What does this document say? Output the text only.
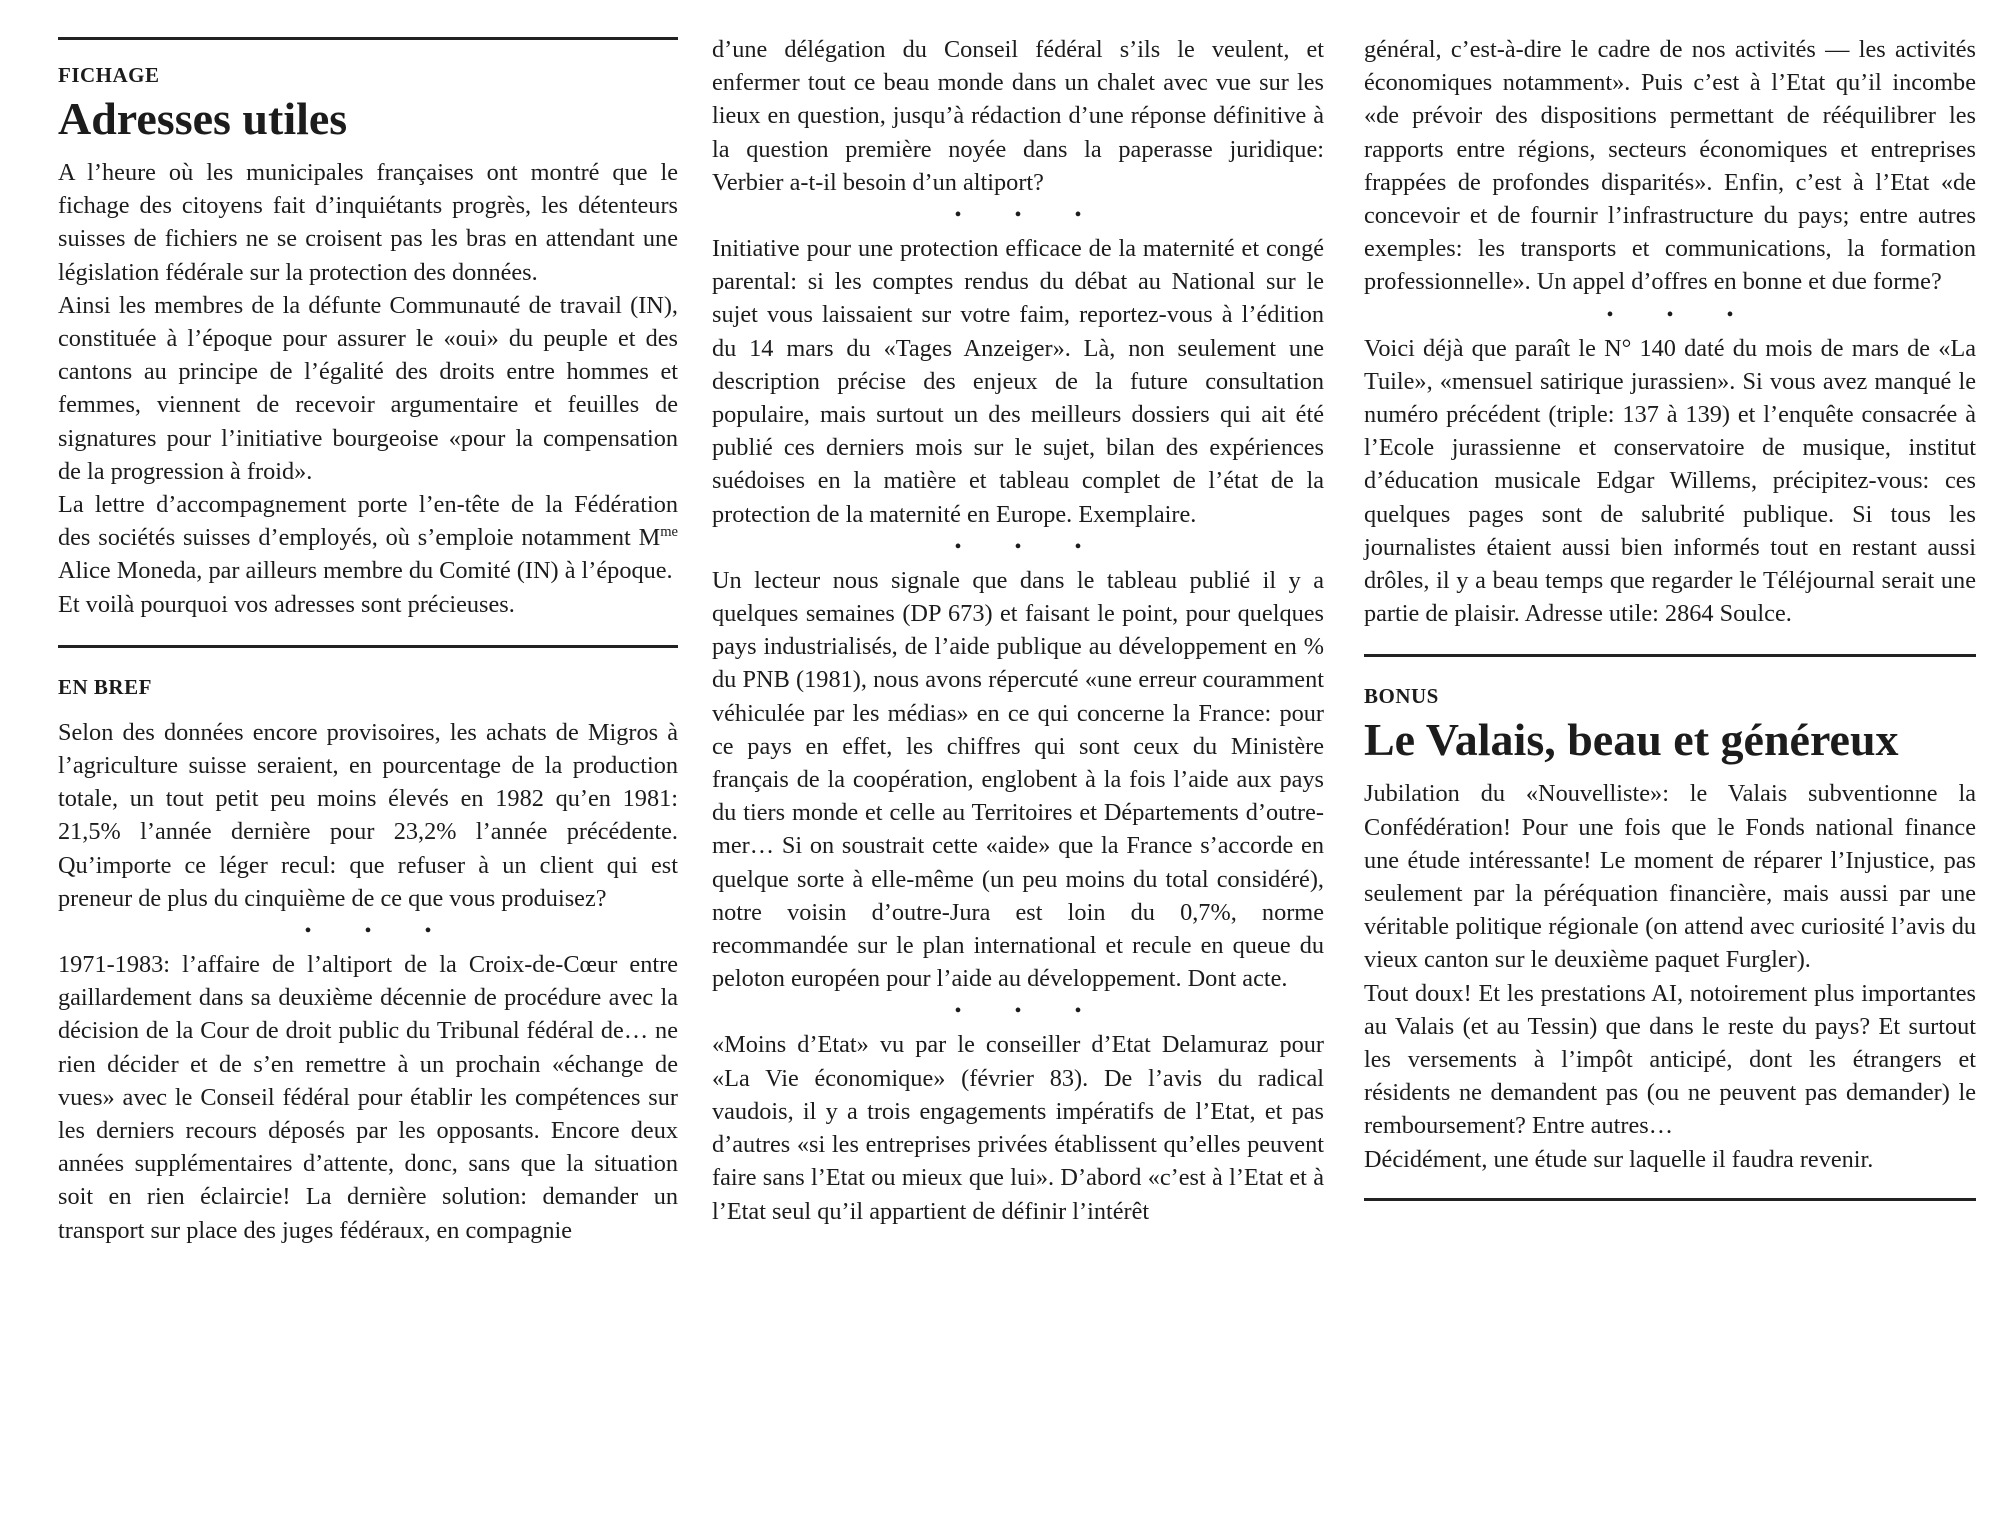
FICHAGE
Adresses utiles

A l’heure où les municipales françaises ont montré que le fichage des citoyens fait d’inquiétants progrès, les détenteurs suisses de fichiers ne se croisent pas les bras en attendant une législation fédérale sur la protection des données.

Ainsi les membres de la défunte Communauté de travail (IN), constituée à l’époque pour assurer le «oui» du peuple et des cantons au principe de l’égalité des droits entre hommes et femmes, viennent de recevoir argumentaire et feuilles de signatures pour l’initiative bourgeoise «pour la compensation de la progression à froid».

La lettre d’accompagnement porte l’en-tête de la Fédération des sociétés suisses d’employés, où s’emploie notamment $M^{me}$ Alice Moneda, par ailleurs membre du Comité (IN) à l’époque.

Et voilà pourquoi vos adresses sont précieuses.

EN BREF

Selon des données encore provisoires, les achats de Migros à l’agriculture suisse seraient, en pourcentage de la production totale, un tout petit peu moins élevés en 1982 qu’en 1981: 21,5% l’année dernière pour 23,2% l’année précédente. Qu’importe ce léger recul: que refuser à un client qui est preneur de plus du cinquième de ce que vous produisez?

• • •

1971-1983: l’affaire de l’altiport de la Croix-de-Cœur entre gaillardement dans sa deuxième décennie de procédure avec la décision de la Cour de droit public du Tribunal fédéral de… ne rien décider et de s’en remettre à un prochain «échange de vues» avec le Conseil fédéral pour établir les compétences sur les derniers recours déposés par les opposants. Encore deux années supplémentaires d’attente, donc, sans que la situation soit en rien éclaircie! La dernière solution: demander un transport sur place des juges fédéraux, en compagnie

d’une délégation du Conseil fédéral s’ils le veulent, et enfermer tout ce beau monde dans un chalet avec vue sur les lieux en question, jusqu’à rédaction d’une réponse définitive à la question première noyée dans la paperasse juridique: Verbier a-t-il besoin d’un altiport?

• • •

Initiative pour une protection efficace de la maternité et congé parental: si les comptes rendus du débat au National sur le sujet vous laissaient sur votre faim, reportez-vous à l’édition du 14 mars du «Tages Anzeiger». Là, non seulement une description précise des enjeux de la future consultation populaire, mais surtout un des meilleurs dossiers qui ait été publié ces derniers mois sur le sujet, bilan des expériences suédoises en la matière et tableau complet de l’état de la protection de la maternité en Europe. Exemplaire.

• • •

Un lecteur nous signale que dans le tableau publié il y a quelques semaines (DP 673) et faisant le point, pour quelques pays industrialisés, de l’aide publique au développement en % du PNB (1981), nous avons répercuté «une erreur couramment véhiculée par les médias» en ce qui concerne la France: pour ce pays en effet, les chiffres qui sont ceux du Ministère français de la coopération, englobent à la fois l’aide aux pays du tiers monde et celle au Territoires et Départements d’outre-mer… Si on soustrait cette «aide» que la France s’accorde en quelque sorte à elle-même (un peu moins du total considéré), notre voisin d’outre-Jura est loin du 0,7%, norme recommandée sur le plan international et recule en queue du peloton européen pour l’aide au développement. Dont acte.

• • •

«Moins d’Etat» vu par le conseiller d’Etat Delamuraz pour «La Vie économique» (février 83). De l’avis du radical vaudois, il y a trois engagements impératifs de l’Etat, et pas d’autres «si les entreprises privées établissent qu’elles peuvent faire sans l’Etat ou mieux que lui». D’abord «c’est à l’Etat et à l’Etat seul qu’il appartient de définir l’intérêt

général, c’est-à-dire le cadre de nos activités — les activités économiques notamment». Puis c’est à l’Etat qu’il incombe «de prévoir des dispositions permettant de rééquilibrer les rapports entre régions, secteurs économiques et entreprises frappées de profondes disparités». Enfin, c’est à l’Etat «de concevoir et de fournir l’infrastructure du pays; entre autres exemples: les transports et communications, la formation professionnelle». Un appel d’offres en bonne et due forme?

• • •

Voici déjà que paraît le N° 140 daté du mois de mars de «La Tuile», «mensuel satirique jurassien». Si vous avez manqué le numéro précédent (triple: 137 à 139) et l’enquête consacrée à l’Ecole jurassienne et conservatoire de musique, institut d’éducation musicale Edgar Willems, précipitez-vous: ces quelques pages sont de salubrité publique. Si tous les journalistes étaient aussi bien informés tout en restant aussi drôles, il y a beau temps que regarder le Téléjournal serait une partie de plaisir. Adresse utile: 2864 Soulce.

BONUS
Le Valais, beau et généreux

Jubilation du «Nouvelliste»: le Valais subventionne la Confédération! Pour une fois que le Fonds national finance une étude intéressante! Le moment de réparer l’Injustice, pas seulement par la péréquation financière, mais aussi par une véritable politique régionale (on attend avec curiosité l’avis du vieux canton sur le deuxième paquet Furgler).

Tout doux! Et les prestations AI, notoirement plus importantes au Valais (et au Tessin) que dans le reste du pays? Et surtout les versements à l’impôt anticipé, dont les étrangers et résidents ne demandent pas (ou ne peuvent pas demander) le remboursement? Entre autres…

Décidément, une étude sur laquelle il faudra revenir.
